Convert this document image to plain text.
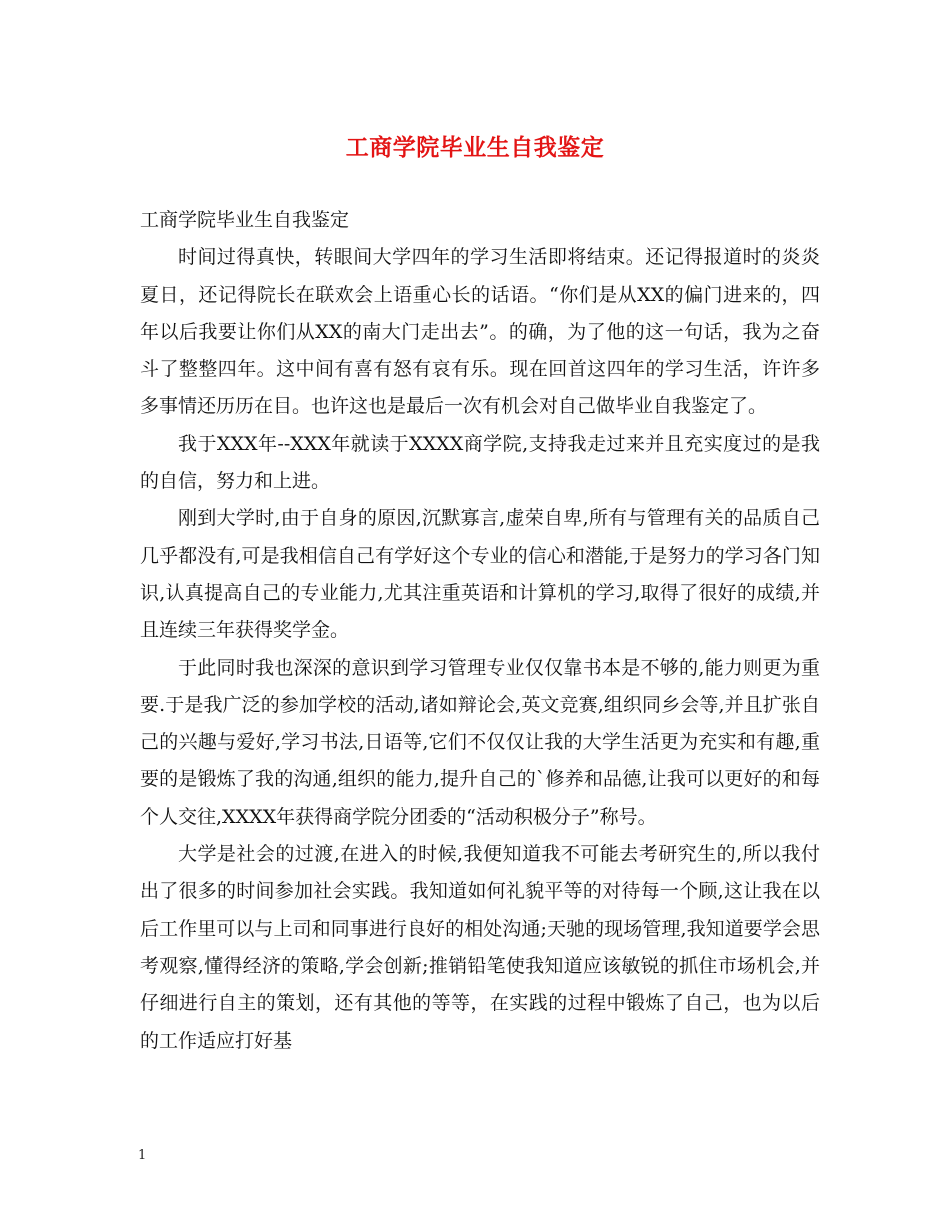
工商学院毕业生自我鉴定

工商学院毕业生自我鉴定

时间过得真快，转眼间大学四年的学习生活即将结束。还记得报道时的炎炎夏日，还记得院长在联欢会上语重心长的话语。“你们是从XX的偏门进来的，四年以后我要让你们从XX的南大门走出去”。的确，为了他的这一句话，我为之奋斗了整整四年。这中间有喜有怒有哀有乐。现在回首这四年的学习生活，许许多多事情还历历在目。也许这也是最后一次有机会对自己做毕业自我鉴定了。

我于XXX年--XXX年就读于XXXX商学院,支持我走过来并且充实度过的是我的自信，努力和上进。

刚到大学时,由于自身的原因,沉默寡言,虚荣自卑,所有与管理有关的品质自己几乎都没有,可是我相信自己有学好这个专业的信心和潜能,于是努力的学习各门知识,认真提高自己的专业能力,尤其注重英语和计算机的学习,取得了很好的成绩,并且连续三年获得奖学金。

于此同时我也深深的意识到学习管理专业仅仅靠书本是不够的,能力则更为重要.于是我广泛的参加学校的活动,诸如辩论会,英文竞赛,组织同乡会等,并且扩张自己的兴趣与爱好,学习书法,日语等,它们不仅仅让我的大学生活更为充实和有趣,重要的是锻炼了我的沟通,组织的能力,提升自己的`修养和品德,让我可以更好的和每个人交往,XXXX年获得商学院分团委的“活动积极分子”称号。

大学是社会的过渡,在进入的时候,我便知道我不可能去考研究生的,所以我付出了很多的时间参加社会实践。我知道如何礼貌平等的对待每一个顾,这让我在以后工作里可以与上司和同事进行良好的相处沟通;天驰的现场管理,我知道要学会思考观察,懂得经济的策略,学会创新;推销铅笔使我知道应该敏锐的抓住市场机会,并仔细进行自主的策划，还有其他的等等，在实践的过程中锻炼了自己，也为以后的工作适应打好基

1
